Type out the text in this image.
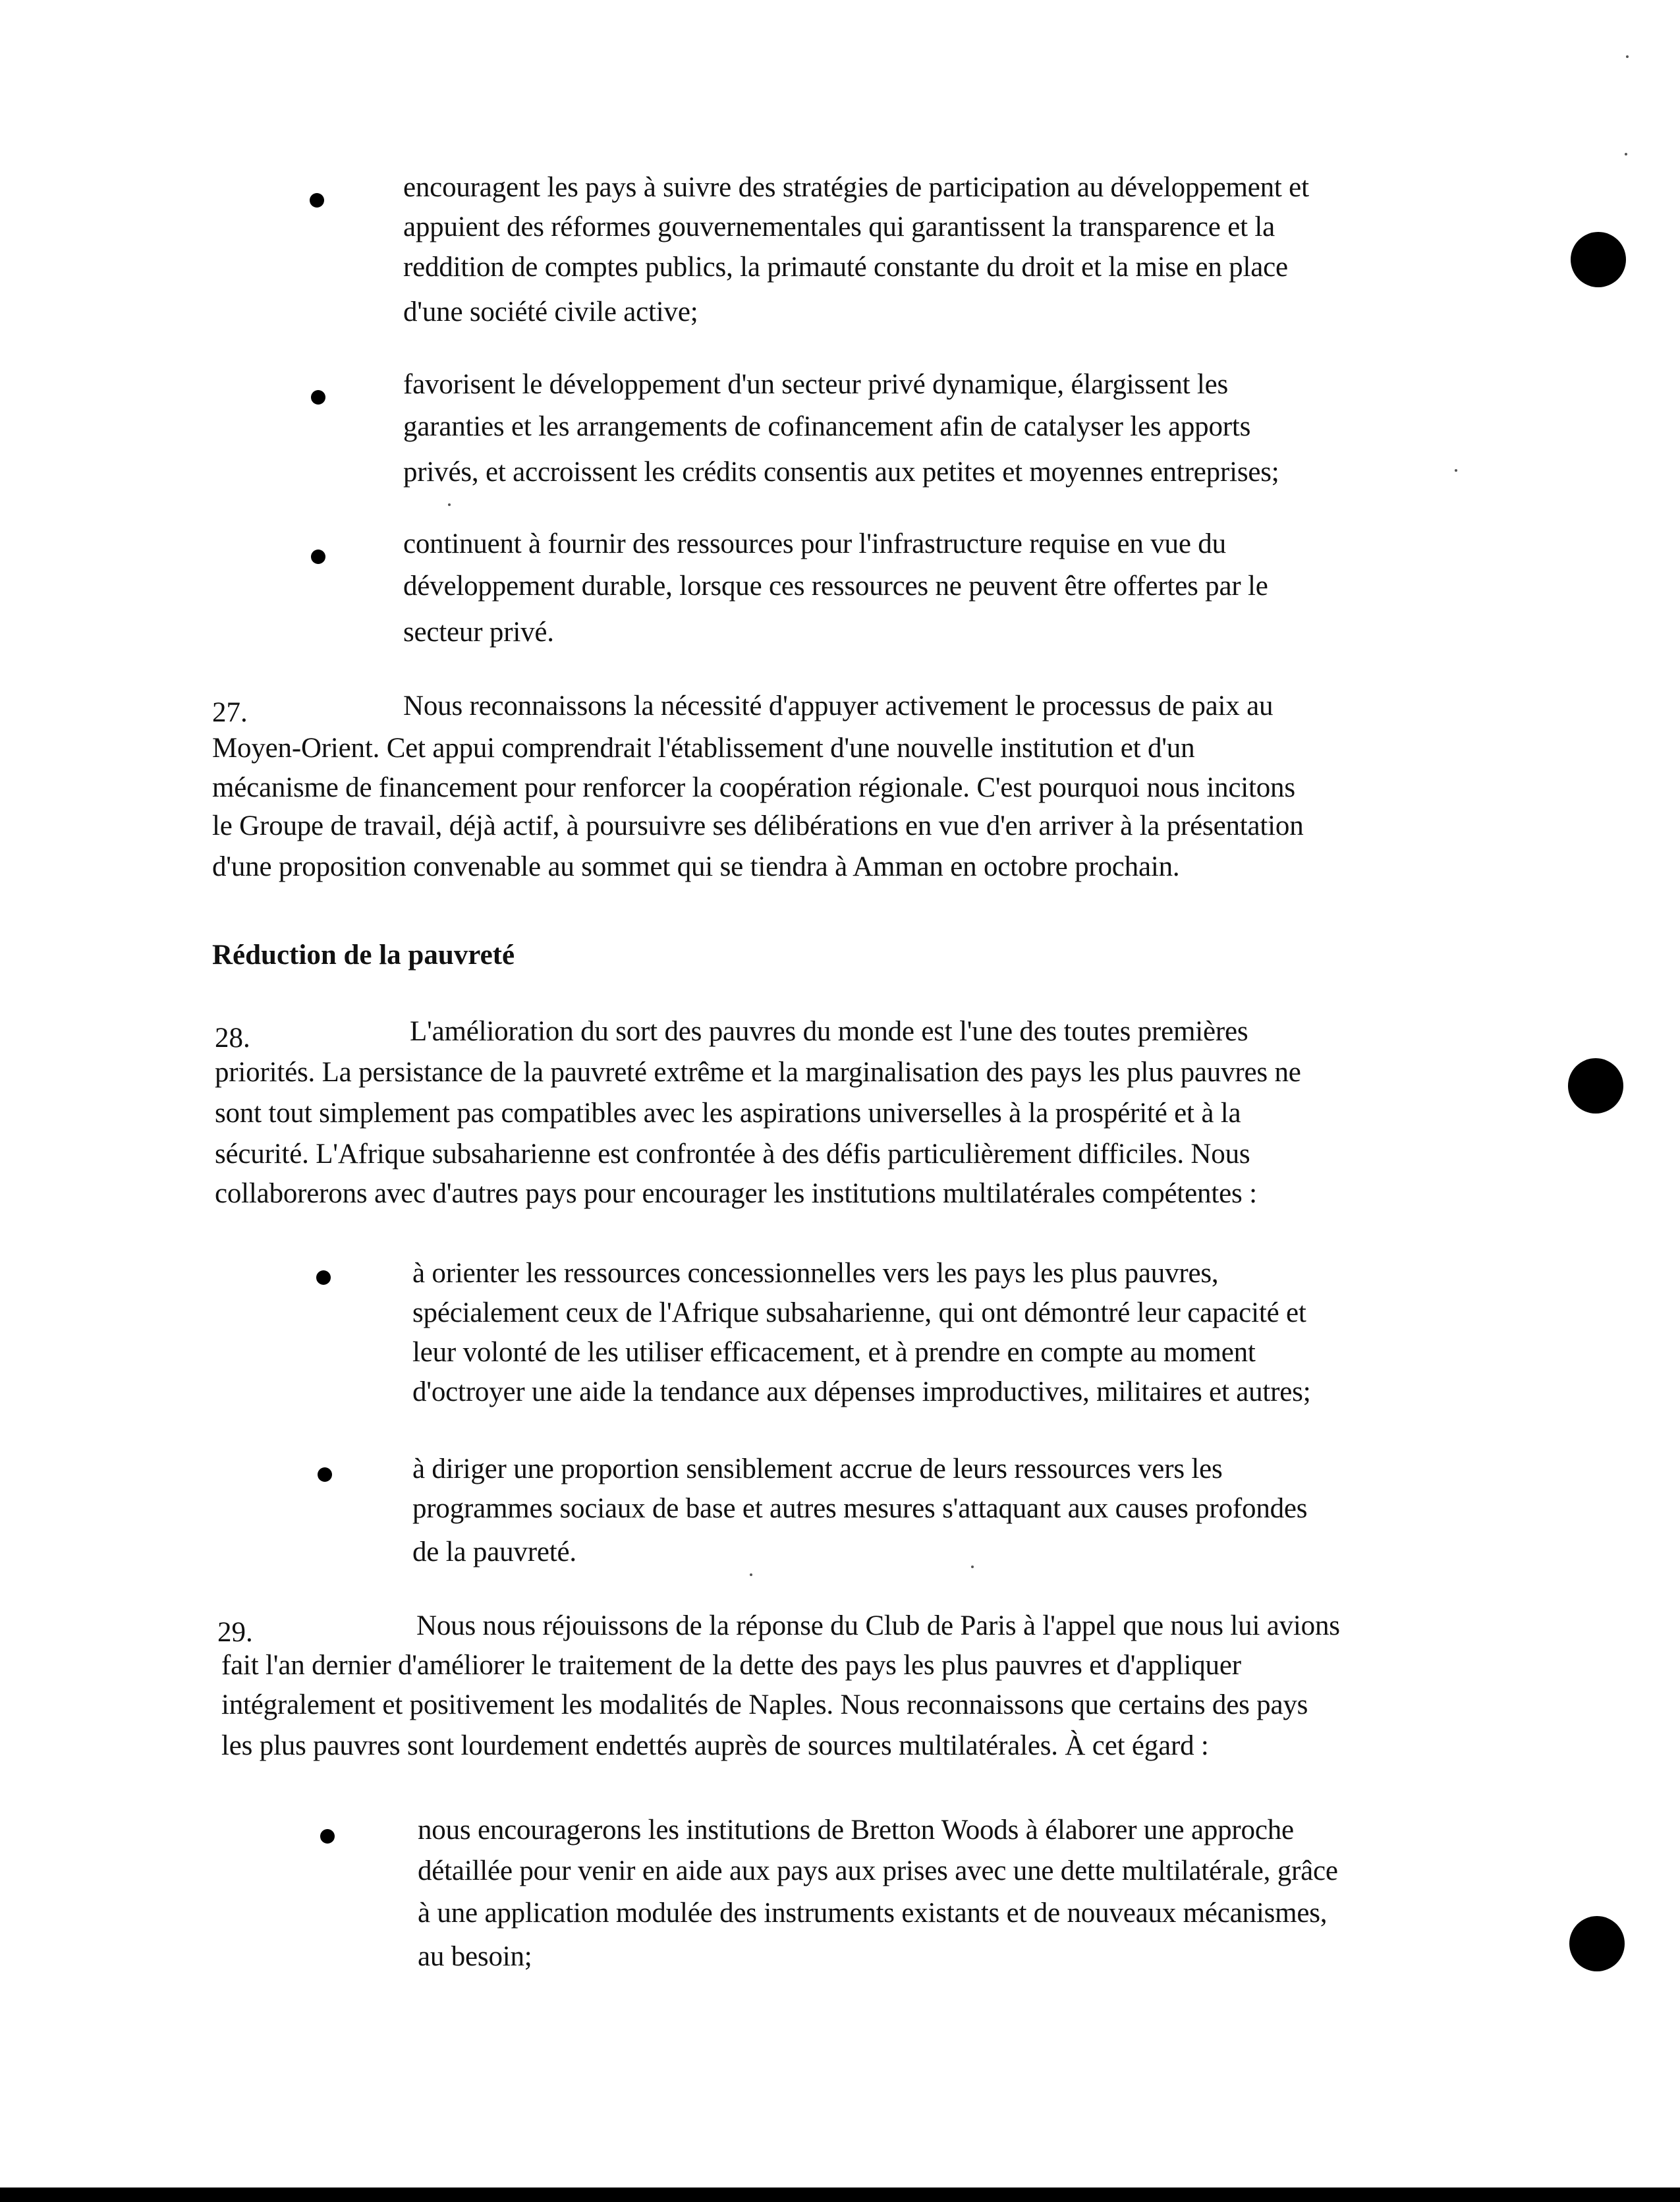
encouragent les pays à suivre des stratégies de participation au développement et
appuient des réformes gouvernementales qui garantissent la transparence et la
reddition de comptes publics, la primauté constante du droit et la mise en place
d'une société civile active;
favorisent le développement d'un secteur privé dynamique, élargissent les
garanties et les arrangements de cofinancement afin de catalyser les apports
privés, et accroissent les crédits consentis aux petites et moyennes entreprises;
continuent à fournir des ressources pour l'infrastructure requise en vue du
développement durable, lorsque ces ressources ne peuvent être offertes par le
secteur privé.
27.	Nous reconnaissons la nécessité d'appuyer activement le processus de paix au
Moyen-Orient. Cet appui comprendrait l'établissement d'une nouvelle institution et d'un
mécanisme de financement pour renforcer la coopération régionale. C'est pourquoi nous incitons
le Groupe de travail, déjà actif, à poursuivre ses délibérations en vue d'en arriver à la présentation
d'une proposition convenable au sommet qui se tiendra à Amman en octobre prochain.
Réduction de la pauvreté
28.	L'amélioration du sort des pauvres du monde est l'une des toutes premières
priorités. La persistance de la pauvreté extrême et la marginalisation des pays les plus pauvres ne
sont tout simplement pas compatibles avec les aspirations universelles à la prospérité et à la
sécurité. L'Afrique subsaharienne est confrontée à des défis particulièrement difficiles. Nous
collaborerons avec d'autres pays pour encourager les institutions multilatérales compétentes :
à orienter les ressources concessionnelles vers les pays les plus pauvres,
spécialement ceux de l'Afrique subsaharienne, qui ont démontré leur capacité et
leur volonté de les utiliser efficacement, et à prendre en compte au moment
d'octroyer une aide la tendance aux dépenses improductives, militaires et autres;
à diriger une proportion sensiblement accrue de leurs ressources vers les
programmes sociaux de base et autres mesures s'attaquant aux causes profondes
de la pauvreté.
29.	Nous nous réjouissons de la réponse du Club de Paris à l'appel que nous lui avions
fait l'an dernier d'améliorer le traitement de la dette des pays les plus pauvres et d'appliquer
intégralement et positivement les modalités de Naples. Nous reconnaissons que certains des pays
les plus pauvres sont lourdement endettés auprès de sources multilatérales. À cet égard :
nous encouragerons les institutions de Bretton Woods à élaborer une approche
détaillée pour venir en aide aux pays aux prises avec une dette multilatérale, grâce
à une application modulée des instruments existants et de nouveaux mécanismes,
au besoin;
